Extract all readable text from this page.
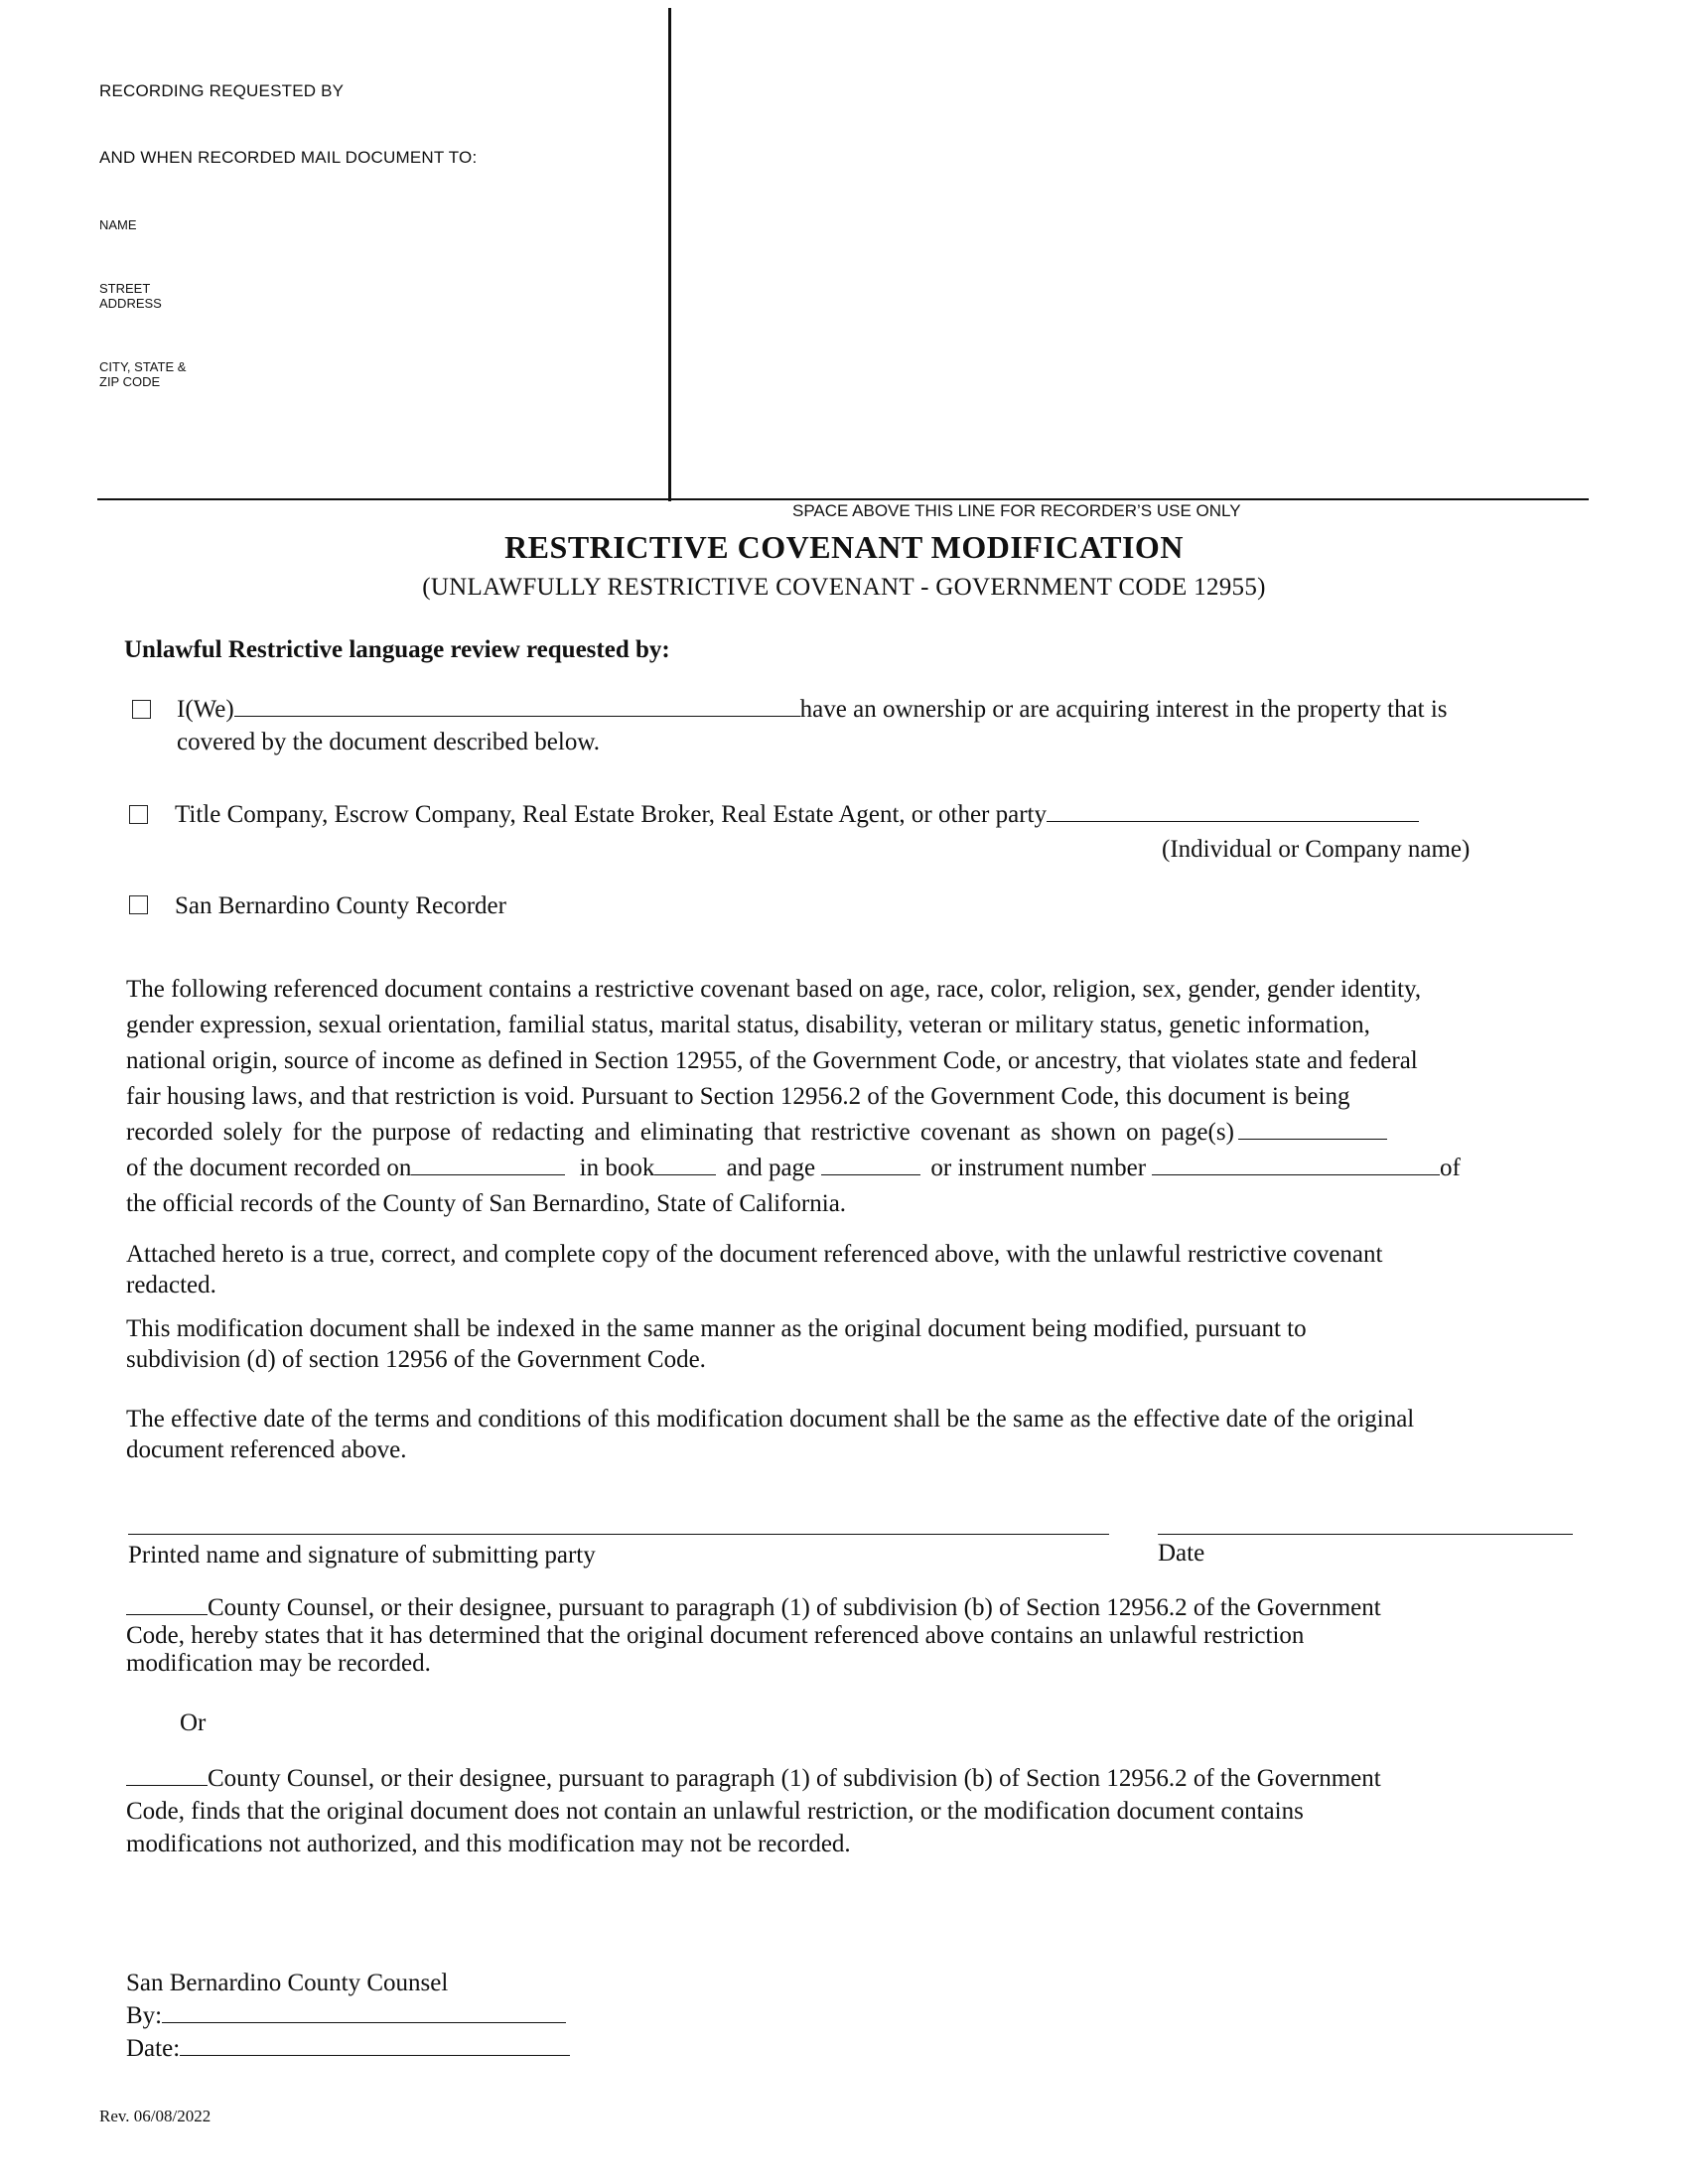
RECORDING REQUESTED BY
AND WHEN RECORDED MAIL DOCUMENT TO:
NAME
STREET
ADDRESS
CITY, STATE &
ZIP CODE
SPACE ABOVE THIS LINE FOR RECORDER’S USE ONLY
RESTRICTIVE COVENANT MODIFICATION
(UNLAWFULLY RESTRICTIVE COVENANT - GOVERNMENT CODE 12955)
Unlawful Restrictive language review requested by:
I(We)	have an ownership or are acquiring interest in the property that is
covered by the document described below.
Title Company, Escrow Company, Real Estate Broker, Real Estate Agent, or other party
(Individual or Company name)
San Bernardino County Recorder
The following referenced document contains a restrictive covenant based on age, race, color, religion, sex, gender, gender identity,
gender expression, sexual orientation, familial status, marital status, disability, veteran or military status, genetic information,
national origin, source of income as defined in Section 12955, of the Government Code, or ancestry, that violates state and federal
fair housing laws, and that restriction is void. Pursuant to Section 12956.2 of the Government Code, this document is being
recorded solely for the purpose of redacting and eliminating that restrictive covenant as shown on page(s)
of the document recorded on	in book	and page	or instrument number	of
the official records of the County of San Bernardino, State of California.
Attached hereto is a true, correct, and complete copy of the document referenced above, with the unlawful restrictive covenant
redacted.
This modification document shall be indexed in the same manner as the original document being modified, pursuant to
subdivision (d) of section 12956 of the Government Code.
The effective date of the terms and conditions of this modification document shall be the same as the effective date of the original
document referenced above.
Printed name and signature of submitting party	Date
County Counsel, or their designee, pursuant to paragraph (1) of subdivision (b) of Section 12956.2 of the Government
Code, hereby states that it has determined that the original document referenced above contains an unlawful restriction
modification may be recorded.
Or
County Counsel, or their designee, pursuant to paragraph (1) of subdivision (b) of Section 12956.2 of the Government
Code, finds that the original document does not contain an unlawful restriction, or the modification document contains
modifications not authorized, and this modification may not be recorded.
San Bernardino County Counsel
By:
Date:
Rev. 06/08/2022
